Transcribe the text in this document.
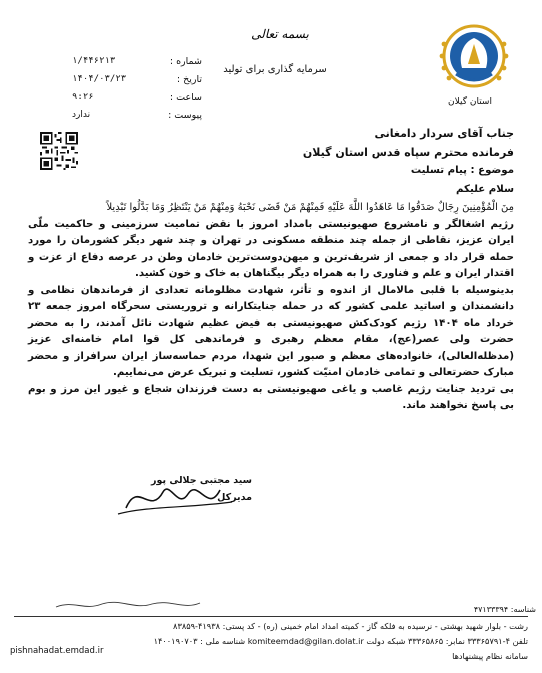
استان گیلان
بسمه تعالی
سرمایه گذاری برای تولید
شماره :
۱/۴۴۶۲۱۳
تاریخ :
۱۴۰۴/۰۳/۲۳
ساعت :
۹:۲۶
پیوست :
ندارد
جناب آقای سردار دامغانی
فرمانده محترم سپاه قدس استان گیلان
موضوع : پیام تسلیت
سلام علیکم
مِنَ الْمُؤْمِنِينَ رِجَالٌ صَدَقُوا مَا عَاهَدُوا اللَّهَ عَلَيْهِ فَمِنْهُمْ مَنْ قَضَى نَحْبَهُ وَمِنْهُمْ مَنْ يَنْتَظِرُ وَمَا بَدَّلُوا تَبْدِيلاً

رژیم اشغالگر و نامشروع صهیونیستی بامداد امروز با نقض تمامیت سرزمینی و حاکمیت ملّی ایران عزیز، نقاطی از جمله چند منطقه مسکونی در تهران و چند شهر دیگر کشورمان را مورد حمله قرار داد و جمعی از شریف‌ترین و میهن‌دوست‌ترین خادمان وطن در عرصه دفاع از عزت و اقتدار ایران و علم و فناوری را به همراه دیگر بیگناهان به خاک و خون کشید.

بدینوسیله با قلبی مالامال از اندوه و تأثر، شهادت مظلومانه تعدادی از فرماندهان نظامی و دانشمندان و اساتید علمی کشور که در حمله جنایتکارانه و تروریستی سحرگاه امروز جمعه ۲۳ خرداد ماه ۱۴۰۴ رژیم کودک‌کش صهیونیستی به فیض عظیم شهادت نائل آمدند، را به محضر حضرت ولی عصر(عج)، مقام معظم رهبری و فرماندهی کل قوا امام خامنه‌ای عزیز (مدظله‌العالی)، خانواده‌های معظم و صبور این شهدا، مردم حماسه‌ساز ایران سرافراز و محضر مبارک حضرتعالی و تمامی خادمان امنیّت کشور، تسلیت و تبریک عرض می‌نماییم.

بی تردید جنایت رژیم غاصب و یاغی صهیونیستی به دست فرزندان شجاع و غیور این مرز و بوم بی پاسخ نخواهند ماند.

سید مجتبی جلالی پور
مدیرکل
شناسه: ۴۷۱۳۳۳۹۴
رشت - بلوار شهید بهشتی - نرسیده به فلکه گاز - کمیته امداد امام خمینی (ره) - کد پستی: ۴۱۹۳۸-۸۳۸۵۹
تلفن ۴-۳۳۳۶۵۷۹۱ نمابر: ۳۳۳۶۵۸۶۵ شبکه دولت komiteemdad@gilan.dolat.ir شناسه ملی : ۱۴۰۰۱۹۰۷۰۳
سامانه نظام پیشنهادها
pishnahadat.emdad.ir
